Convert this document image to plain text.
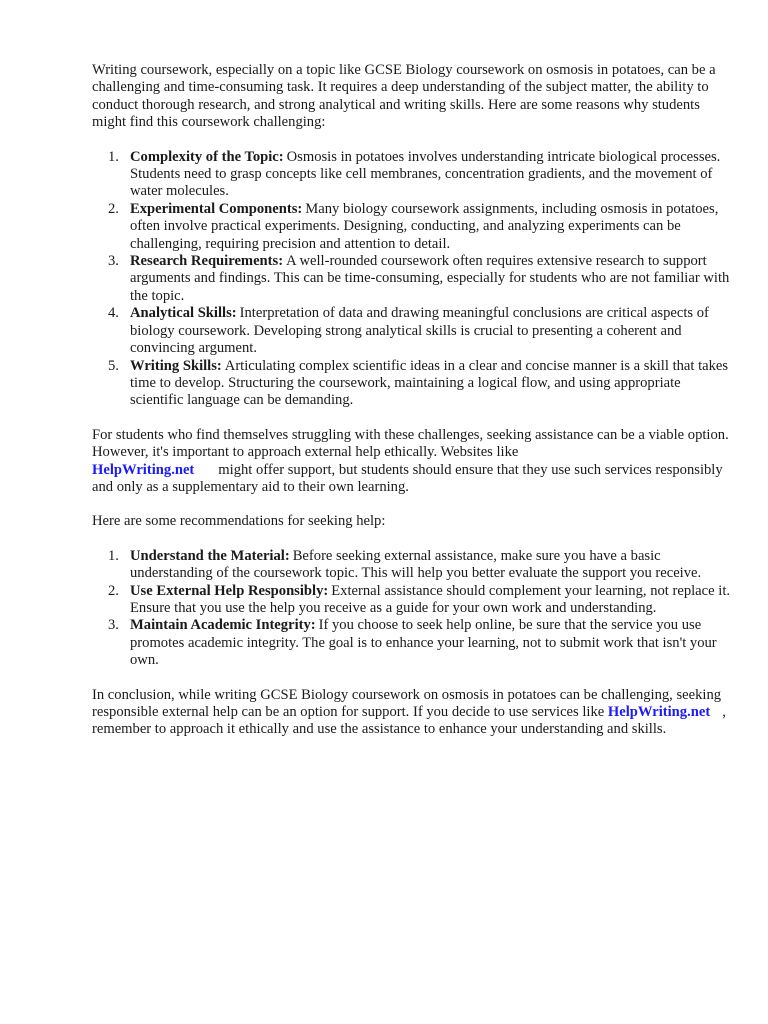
Writing coursework, especially on a topic like GCSE Biology coursework on osmosis in potatoes, can be a challenging and time-consuming task. It requires a deep understanding of the subject matter, the ability to conduct thorough research, and strong analytical and writing skills. Here are some reasons why students might find this coursework challenging:

1. Complexity of the Topic: Osmosis in potatoes involves understanding intricate biological processes. Students need to grasp concepts like cell membranes, concentration gradients, and the movement of water molecules.
2. Experimental Components: Many biology coursework assignments, including osmosis in potatoes, often involve practical experiments. Designing, conducting, and analyzing experiments can be challenging, requiring precision and attention to detail.
3. Research Requirements: A well-rounded coursework often requires extensive research to support arguments and findings. This can be time-consuming, especially for students who are not familiar with the topic.
4. Analytical Skills: Interpretation of data and drawing meaningful conclusions are critical aspects of biology coursework. Developing strong analytical skills is crucial to presenting a coherent and convincing argument.
5. Writing Skills: Articulating complex scientific ideas in a clear and concise manner is a skill that takes time to develop. Structuring the coursework, maintaining a logical flow, and using appropriate scientific language can be demanding.

For students who find themselves struggling with these challenges, seeking assistance can be a viable option. However, it's important to approach external help ethically. Websites like
HelpWriting.net might offer support, but students should ensure that they use such services responsibly and only as a supplementary aid to their own learning.

Here are some recommendations for seeking help:

1. Understand the Material: Before seeking external assistance, make sure you have a basic understanding of the coursework topic. This will help you better evaluate the support you receive.
2. Use External Help Responsibly: External assistance should complement your learning, not replace it. Ensure that you use the help you receive as a guide for your own work and understanding.
3. Maintain Academic Integrity: If you choose to seek help online, be sure that the service you use promotes academic integrity. The goal is to enhance your learning, not to submit work that isn't your own.

In conclusion, while writing GCSE Biology coursework on osmosis in potatoes can be challenging, seeking responsible external help can be an option for support. If you decide to use services like HelpWriting.net , remember to approach it ethically and use the assistance to enhance your understanding and skills.
